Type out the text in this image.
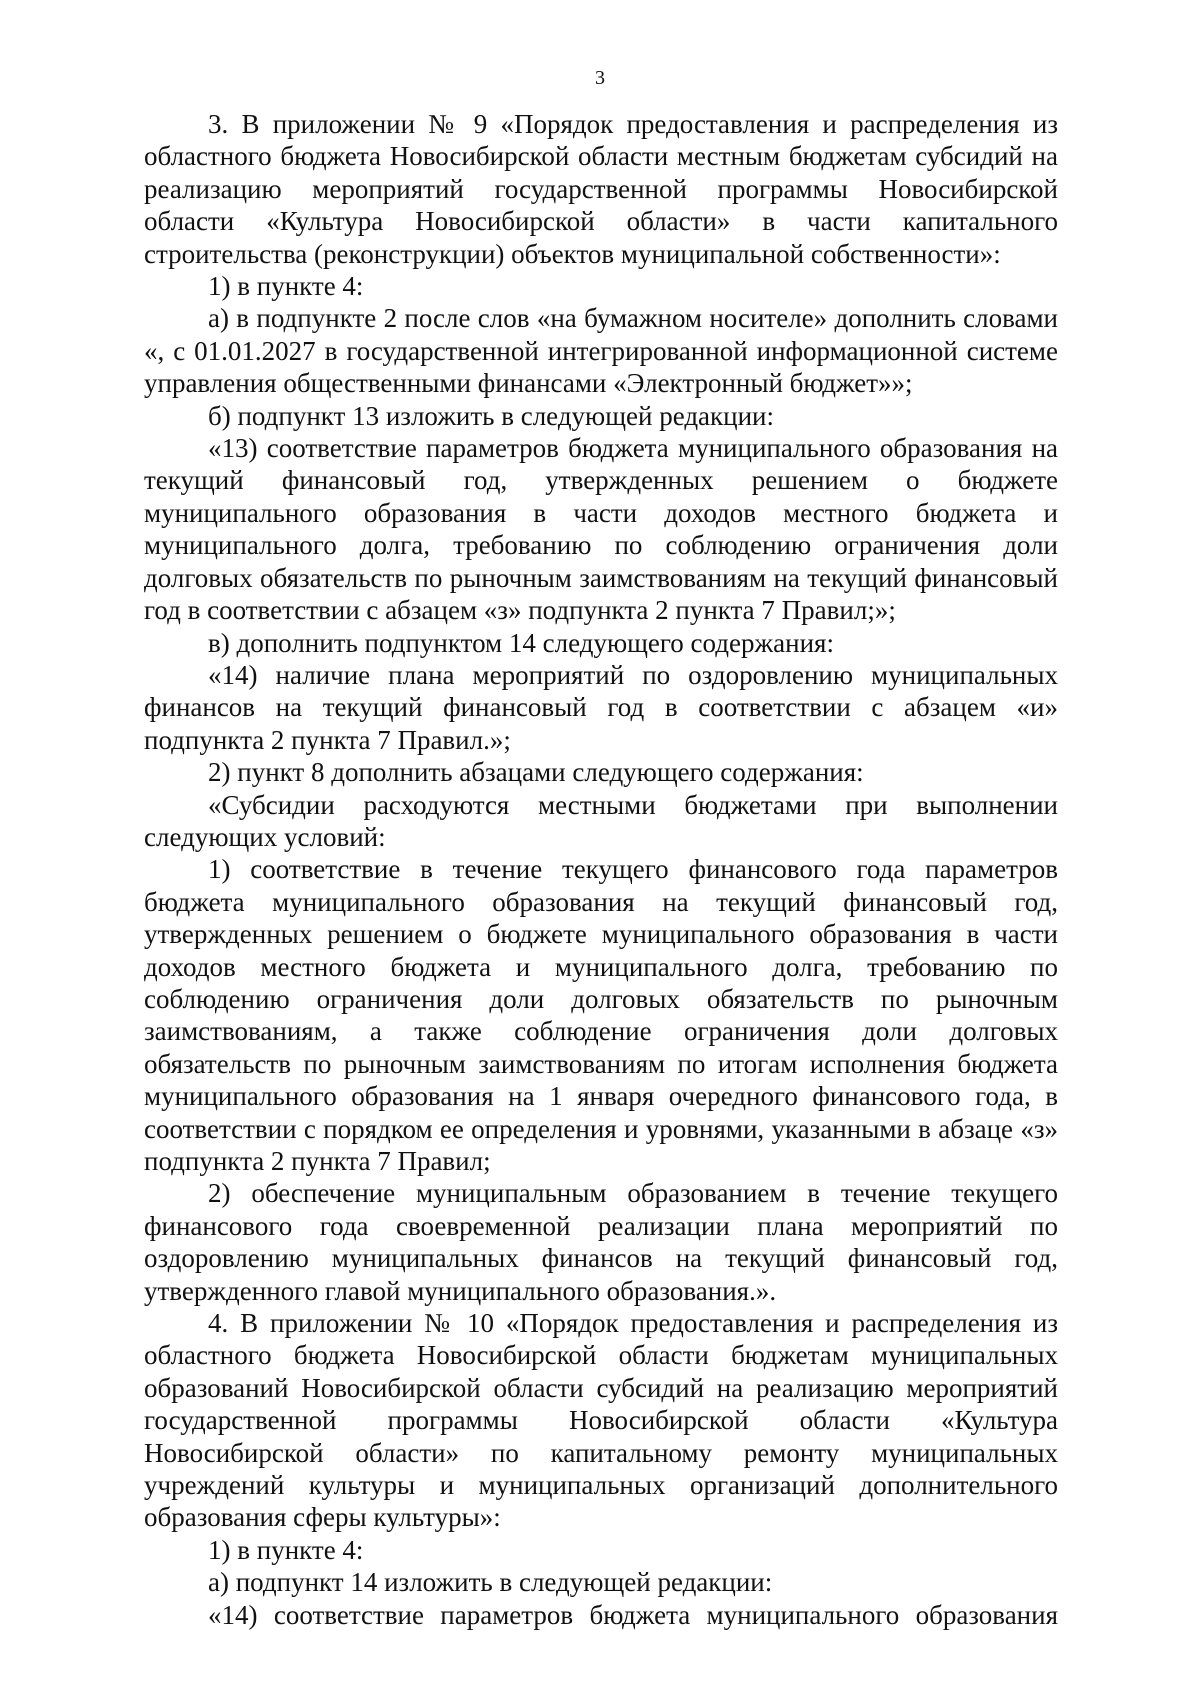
3

3. В приложении № 9 «Порядок предоставления и распределения из областного бюджета Новосибирской области местным бюджетам субсидий на реализацию мероприятий государственной программы Новосибирской области «Культура Новосибирской области» в части капитального строительства (реконструкции) объектов муниципальной собственности»:

1) в пункте 4:

а) в подпункте 2 после слов «на бумажном носителе» дополнить словами «, с 01.01.2027 в государственной интегрированной информационной системе управления общественными финансами «Электронный бюджет»»;

б) подпункт 13 изложить в следующей редакции:

«13) соответствие параметров бюджета муниципального образования на текущий финансовый год, утвержденных решением о бюджете муниципального образования в части доходов местного бюджета и муниципального долга, требованию по соблюдению ограничения доли долговых обязательств по рыночным заимствованиям на текущий финансовый год в соответствии с абзацем «з» подпункта 2 пункта 7 Правил;»;

в) дополнить подпунктом 14 следующего содержания:

«14) наличие плана мероприятий по оздоровлению муниципальных финансов на текущий финансовый год в соответствии с абзацем «и» подпункта 2 пункта 7 Правил.»;

2) пункт 8 дополнить абзацами следующего содержания:

«Субсидии расходуются местными бюджетами при выполнении следующих условий:

1) соответствие в течение текущего финансового года параметров бюджета муниципального образования на текущий финансовый год, утвержденных решением о бюджете муниципального образования в части доходов местного бюджета и муниципального долга, требованию по соблюдению ограничения доли долговых обязательств по рыночным заимствованиям, а также соблюдение ограничения доли долговых обязательств по рыночным заимствованиям по итогам исполнения бюджета муниципального образования на 1 января очередного финансового года, в соответствии с порядком ее определения и уровнями, указанными в абзаце «з» подпункта 2 пункта 7 Правил;

2) обеспечение муниципальным образованием в течение текущего финансового года своевременной реализации плана мероприятий по оздоровлению муниципальных финансов на текущий финансовый год, утвержденного главой муниципального образования.».

4. В приложении № 10 «Порядок предоставления и распределения из областного бюджета Новосибирской области бюджетам муниципальных образований Новосибирской области субсидий на реализацию мероприятий государственной программы Новосибирской области «Культура Новосибирской области» по капитальному ремонту муниципальных учреждений культуры и муниципальных организаций дополнительного образования сферы культуры»:

1) в пункте 4:

а) подпункт 14 изложить в следующей редакции:

«14) соответствие параметров бюджета муниципального образования
